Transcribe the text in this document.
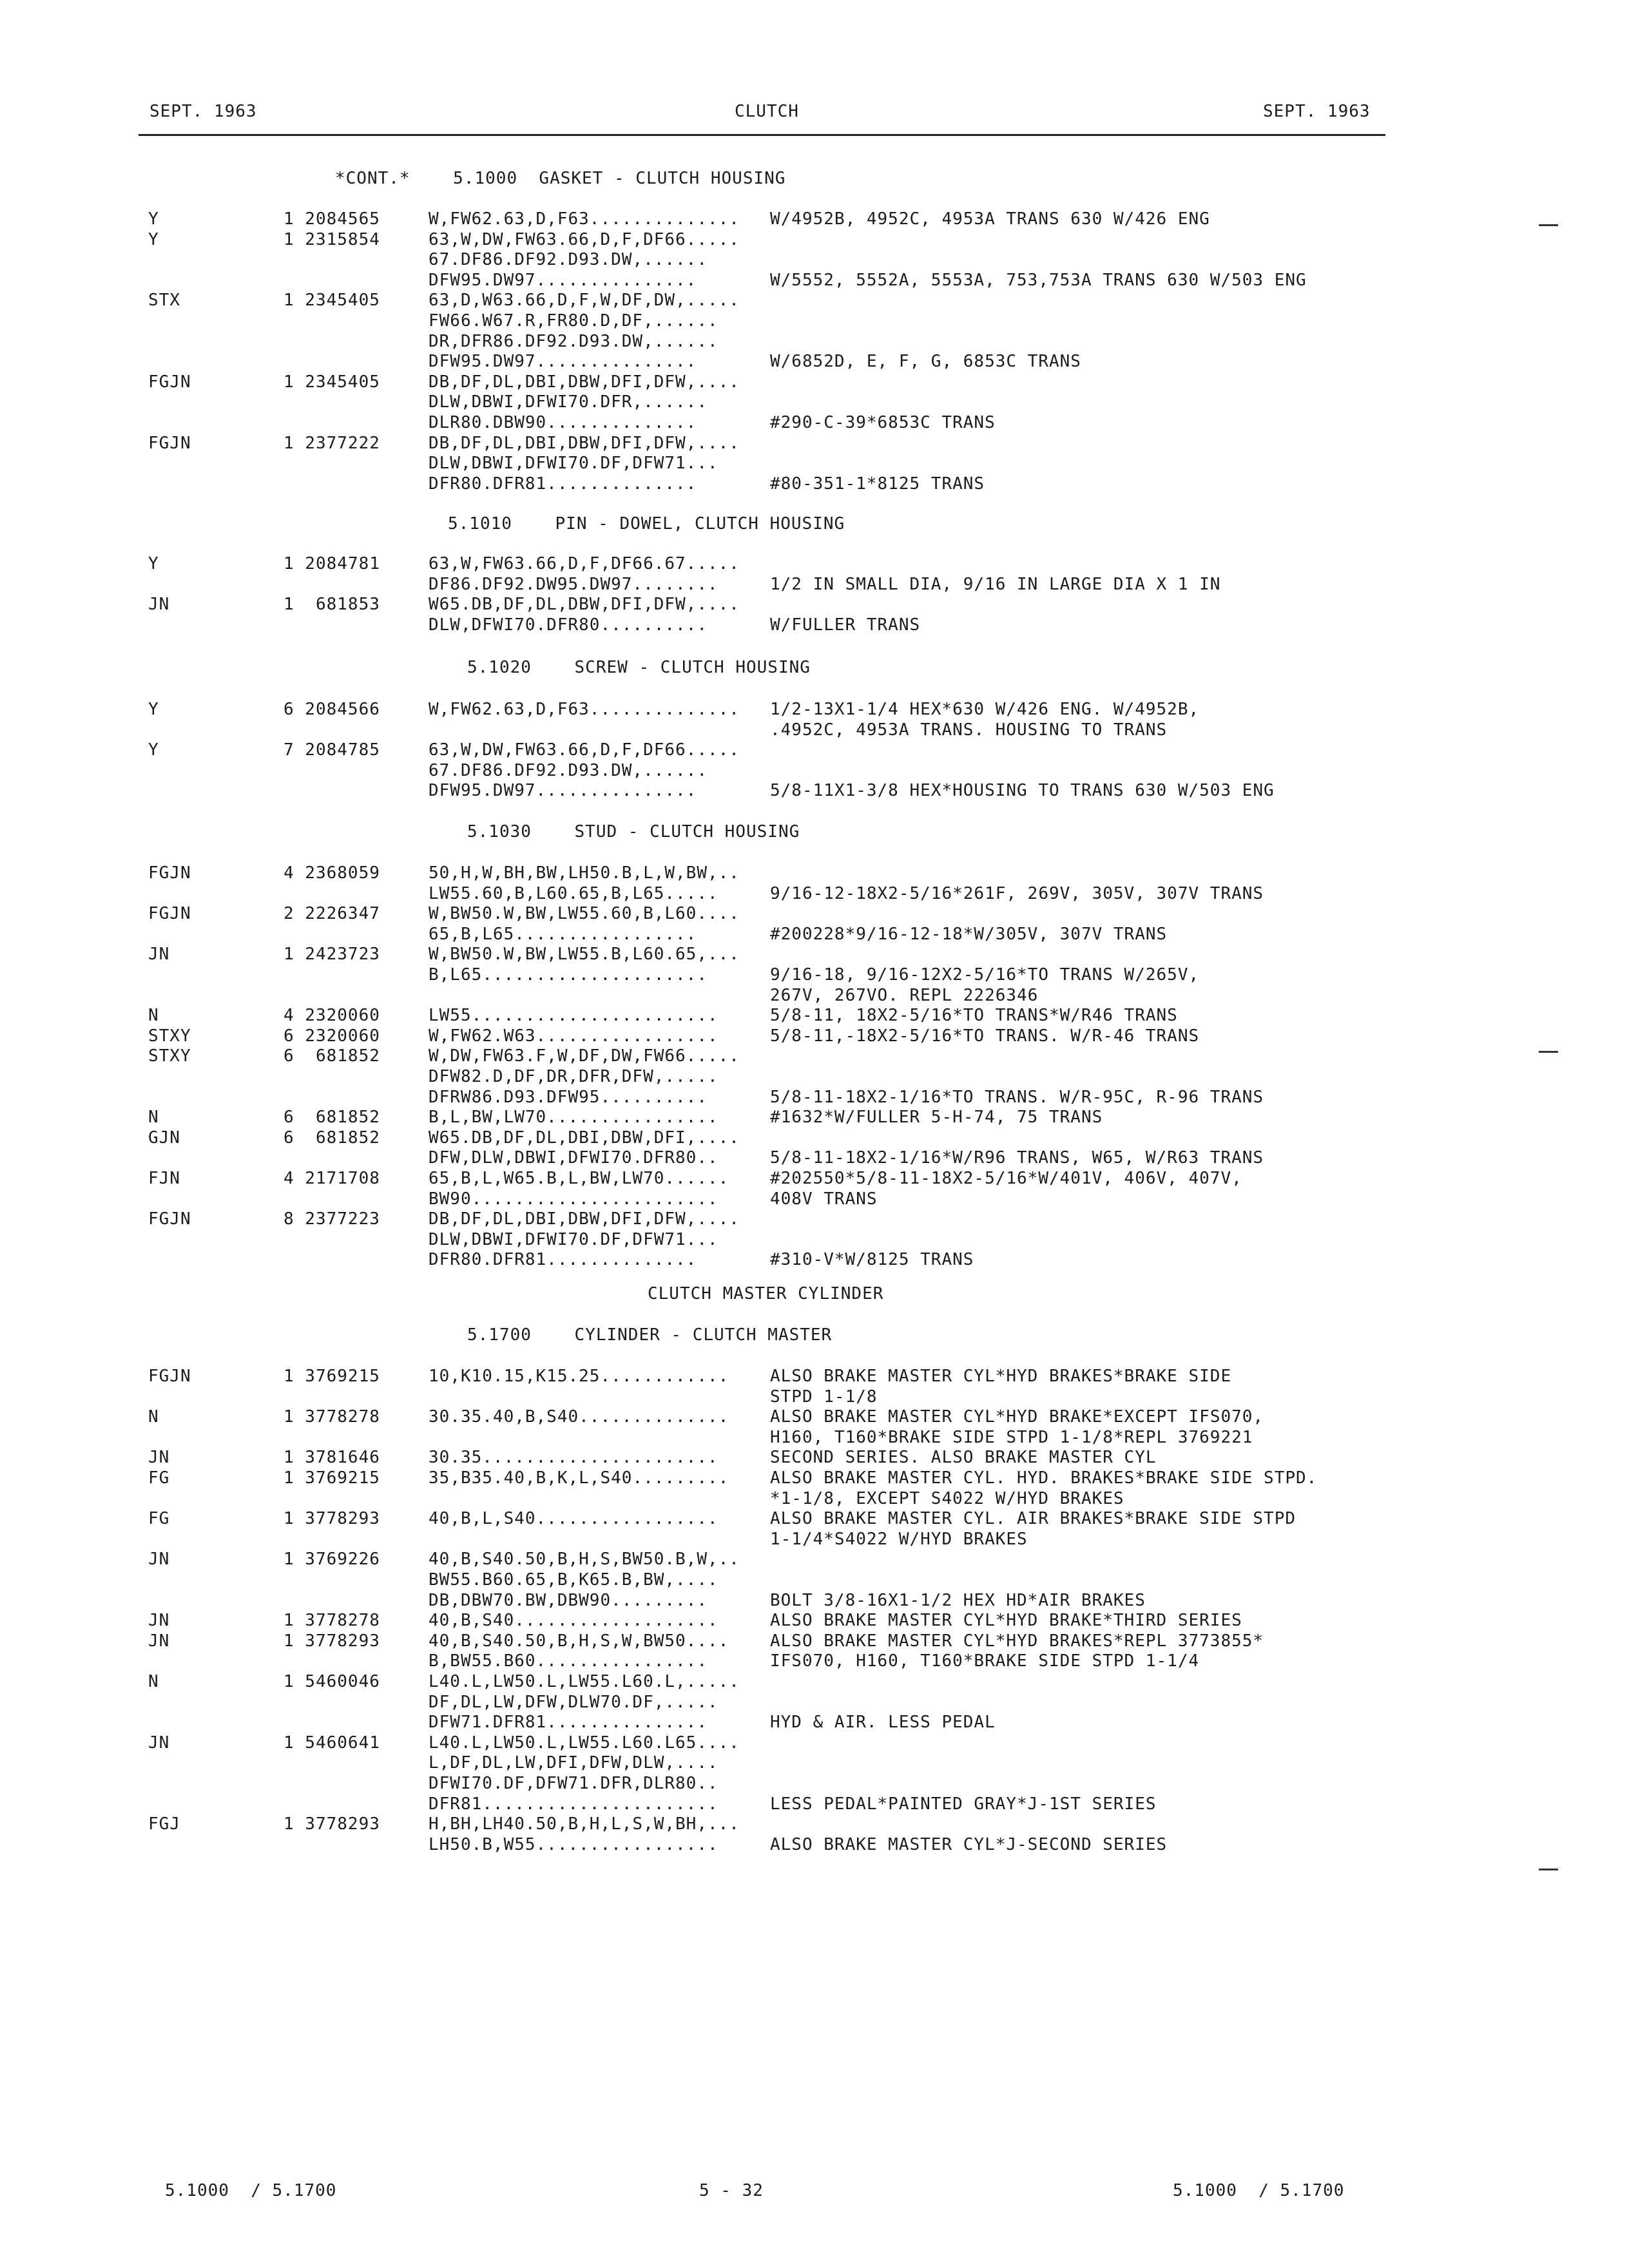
SEPT. 1963	CLUTCH	SEPT. 1963
*CONT.*    5.1000  GASKET - CLUTCH HOUSING
Y	1 2084565	W,FW62.63,D,F63.............. W/4952B, 4952C, 4953A TRANS 630 W/426 ENG
Y	1 2315854	63,W,DW,FW63.66,D,F,DF66.....
67.DF86.DF92.D93.DW,......
DFW95.DW97...............	W/5552, 5552A, 5553A, 753,753A TRANS 630 W/503 ENG
STX	1 2345405	63,D,W63.66,D,F,W,DF,DW,.....
FW66.W67.R,FR80.D,DF,......
DR,DFR86.DF92.D93.DW,......
DFW95.DW97...............	W/6852D, E, F, G, 6853C TRANS
FGJN	1 2345405	DB,DF,DL,DBI,DBW,DFI,DFW,....
DLW,DBWI,DFWI70.DFR,......
DLR80.DBW90..............	#290-C-39*6853C TRANS
FGJN	1 2377222	DB,DF,DL,DBI,DBW,DFI,DFW,....
DLW,DBWI,DFWI70.DF,DFW71...
DFR80.DFR81..............	#80-351-1*8125 TRANS
5.1010    PIN - DOWEL, CLUTCH HOUSING
Y	1 2084781	63,W,FW63.66,D,F,DF66.67.....
DF86.DF92.DW95.DW97........	1/2 IN SMALL DIA, 9/16 IN LARGE DIA X 1 IN
JN	1  681853	W65.DB,DF,DL,DBW,DFI,DFW,....
DLW,DFWI70.DFR80..........	W/FULLER TRANS
5.1020    SCREW - CLUTCH HOUSING
Y	6 2084566	W,FW62.63,D,F63.............. 1/2-13X1-1/4 HEX*630 W/426 ENG. W/4952B,
.4952C, 4953A TRANS. HOUSING TO TRANS
Y	7 2084785	63,W,DW,FW63.66,D,F,DF66.....
67.DF86.DF92.D93.DW,......
DFW95.DW97...............	5/8-11X1-3/8 HEX*HOUSING TO TRANS 630 W/503 ENG
5.1030    STUD - CLUTCH HOUSING
FGJN	4 2368059	50,H,W,BH,BW,LH50.B,L,W,BW,..
LW55.60,B,L60.65,B,L65.....	9/16-12-18X2-5/16*261F, 269V, 305V, 307V TRANS
FGJN	2 2226347	W,BW50.W,BW,LW55.60,B,L60....
65,B,L65.................	#200228*9/16-12-18*W/305V, 307V TRANS
JN	1 2423723	W,BW50.W,BW,LW55.B,L60.65,...
B,L65.....................	9/16-18, 9/16-12X2-5/16*TO TRANS W/265V,
267V, 267VO. REPL 2226346
N	4 2320060	LW55.......................	5/8-11, 18X2-5/16*TO TRANS*W/R46 TRANS
STXY	6 2320060	W,FW62.W63.................	5/8-11,-18X2-5/16*TO TRANS. W/R-46 TRANS
STXY	6  681852	W,DW,FW63.F,W,DF,DW,FW66.....
DFW82.D,DF,DR,DFR,DFW,.....
DFRW86.D93.DFW95..........	5/8-11-18X2-1/16*TO TRANS. W/R-95C, R-96 TRANS
N	6  681852	B,L,BW,LW70................	#1632*W/FULLER 5-H-74, 75 TRANS
GJN	6  681852	W65.DB,DF,DL,DBI,DBW,DFI,....
DFW,DLW,DBWI,DFWI70.DFR80..	5/8-11-18X2-1/16*W/R96 TRANS, W65, W/R63 TRANS
FJN	4 2171708	65,B,L,W65.B,L,BW,LW70...... #202550*5/8-11-18X2-5/16*W/401V, 406V, 407V,
BW90.......................	408V TRANS
FGJN	8 2377223	DB,DF,DL,DBI,DBW,DFI,DFW,....
DLW,DBWI,DFWI70.DF,DFW71...
DFR80.DFR81..............	#310-V*W/8125 TRANS
CLUTCH MASTER CYLINDER
5.1700    CYLINDER - CLUTCH MASTER
FGJN	1 3769215	10,K10.15,K15.25............ ALSO BRAKE MASTER CYL*HYD BRAKES*BRAKE SIDE
STPD 1-1/8
N	1 3778278	30.35.40,B,S40.............. ALSO BRAKE MASTER CYL*HYD BRAKE*EXCEPT IFS070,
H160, T160*BRAKE SIDE STPD 1-1/8*REPL 3769221
JN	1 3781646	30.35......................	SECOND SERIES. ALSO BRAKE MASTER CYL
FG	1 3769215	35,B35.40,B,K,L,S40......... ALSO BRAKE MASTER CYL. HYD. BRAKES*BRAKE SIDE STPD.
*1-1/8, EXCEPT S4022 W/HYD BRAKES
FG	1 3778293	40,B,L,S40.................	ALSO BRAKE MASTER CYL. AIR BRAKES*BRAKE SIDE STPD
1-1/4*S4022 W/HYD BRAKES
JN	1 3769226	40,B,S40.50,B,H,S,BW50.B,W,..
BW55.B60.65,B,K65.B,BW,....
DB,DBW70.BW,DBW90.........	BOLT 3/8-16X1-1/2 HEX HD*AIR BRAKES
JN	1 3778278	40,B,S40...................	ALSO BRAKE MASTER CYL*HYD BRAKE*THIRD SERIES
JN	1 3778293	40,B,S40.50,B,H,S,W,BW50.... ALSO BRAKE MASTER CYL*HYD BRAKES*REPL 3773855*
B,BW55.B60................	IFS070, H160, T160*BRAKE SIDE STPD 1-1/4
N	1 5460046	L40.L,LW50.L,LW55.L60.L,.....
DF,DL,LW,DFW,DLW70.DF,.....
DFW71.DFR81...............	HYD & AIR. LESS PEDAL
JN	1 5460641	L40.L,LW50.L,LW55.L60.L65....
L,DF,DL,LW,DFI,DFW,DLW,....
DFWI70.DF,DFW71.DFR,DLR80..
DFR81......................	LESS PEDAL*PAINTED GRAY*J-1ST SERIES
FGJ	1 3778293	H,BH,LH40.50,B,H,L,S,W,BH,...
LH50.B,W55.................	ALSO BRAKE MASTER CYL*J-SECOND SERIES
5.1000  / 5.1700	5 - 32	5.1000  / 5.1700
